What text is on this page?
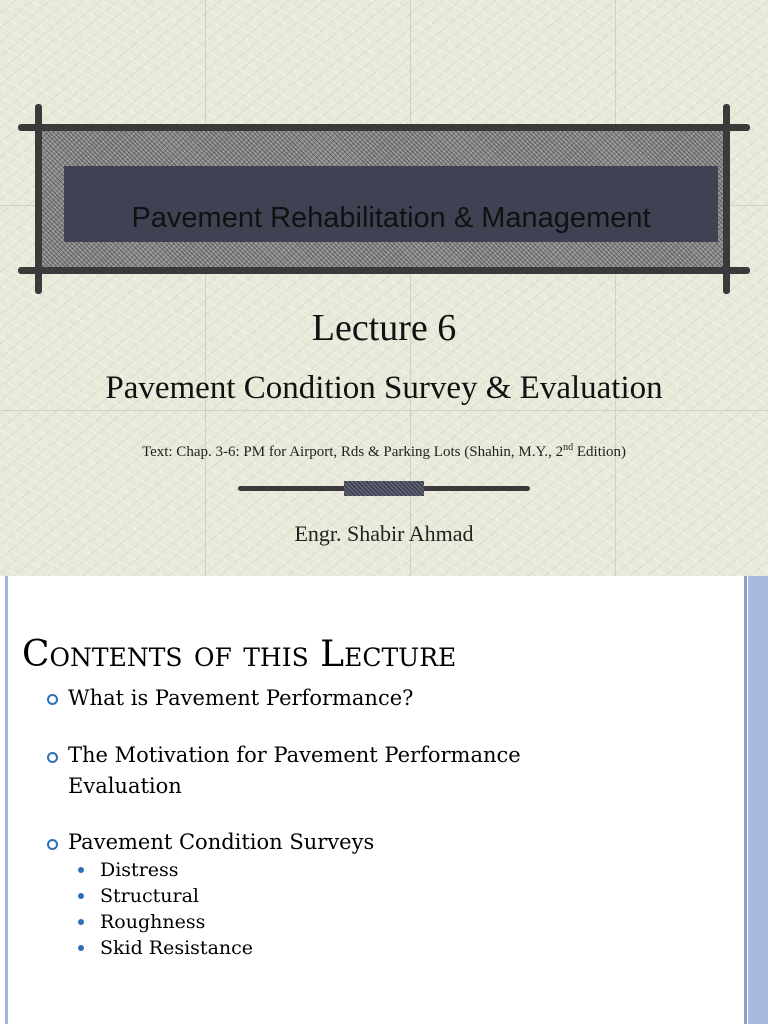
Pavement Rehabilitation & Management
Lecture 6
Pavement Condition Survey & Evaluation
Text: Chap. 3-6: PM for Airport, Rds & Parking Lots (Shahin, M.Y., 2nd Edition)
Engr. Shabir Ahmad
Contents of this Lecture
What is Pavement Performance?
The Motivation for Pavement Performance
Evaluation
Pavement Condition Surveys
Distress
Structural
Roughness
Skid Resistance
